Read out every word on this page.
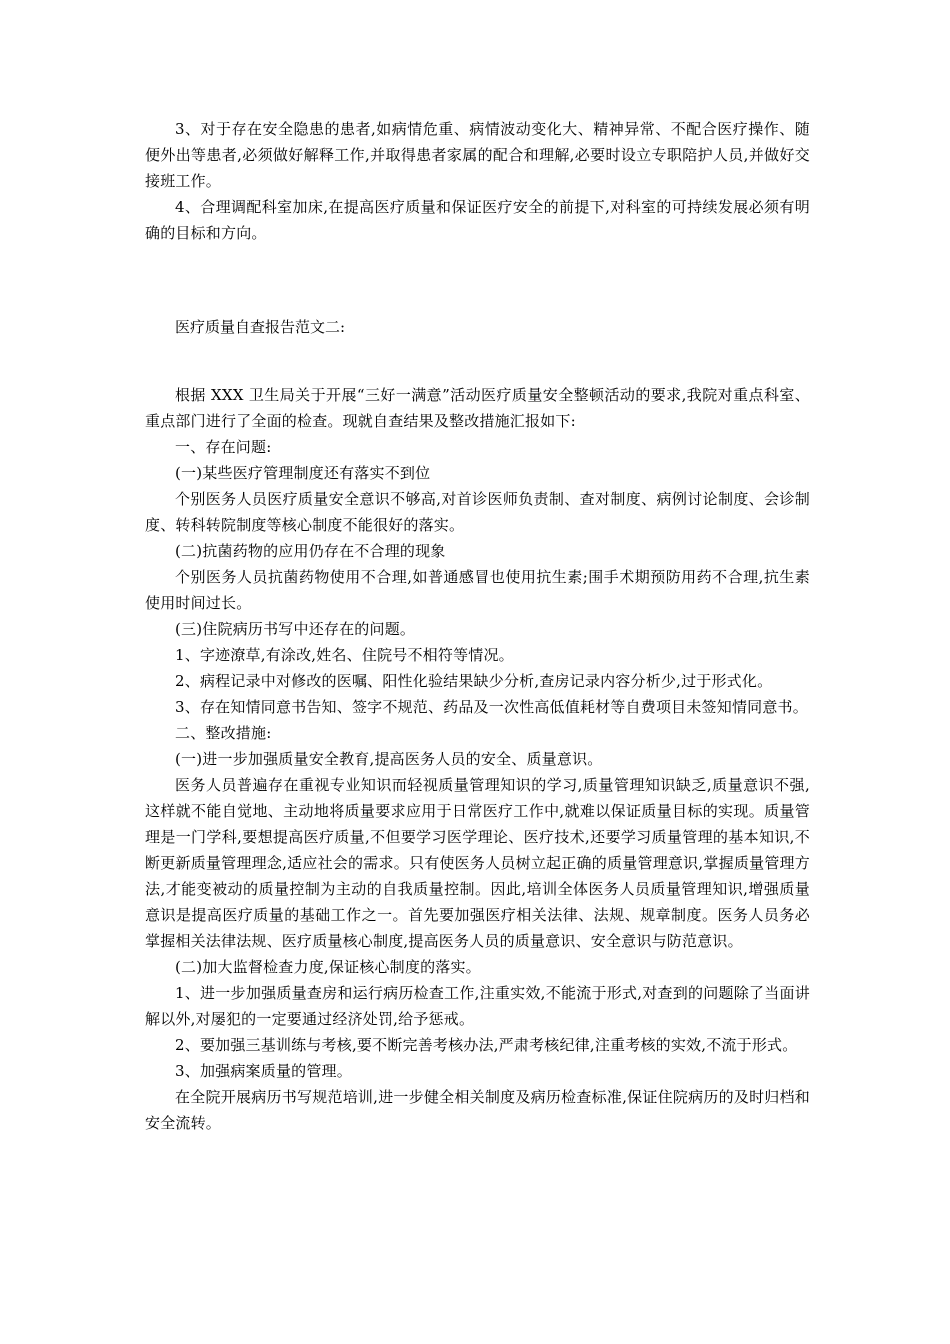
3、对于存在安全隐患的患者,如病情危重、病情波动变化大、精神异常、不配合医疗操作、随便外出等患者,必须做好解释工作,并取得患者家属的配合和理解,必要时设立专职陪护人员,并做好交接班工作。

4、合理调配科室加床,在提高医疗质量和保证医疗安全的前提下,对科室的可持续发展必须有明确的目标和方向。

医疗质量自查报告范文二:

根据 XXX 卫生局关于开展“三好一满意”活动医疗质量安全整顿活动的要求,我院对重点科室、重点部门进行了全面的检查。现就自查结果及整改措施汇报如下:

一、存在问题:

(一)某些医疗管理制度还有落实不到位

个别医务人员医疗质量安全意识不够高,对首诊医师负责制、查对制度、病例讨论制度、会诊制度、转科转院制度等核心制度不能很好的落实。

(二)抗菌药物的应用仍存在不合理的现象

个别医务人员抗菌药物使用不合理,如普通感冒也使用抗生素;围手术期预防用药不合理,抗生素使用时间过长。

(三)住院病历书写中还存在的问题。

1、字迹潦草,有涂改,姓名、住院号不相符等情况。

2、病程记录中对修改的医嘱、阳性化验结果缺少分析,查房记录内容分析少,过于形式化。

3、存在知情同意书告知、签字不规范、药品及一次性高低值耗材等自费项目未签知情同意书。

二、整改措施:

(一)进一步加强质量安全教育,提高医务人员的安全、质量意识。

医务人员普遍存在重视专业知识而轻视质量管理知识的学习,质量管理知识缺乏,质量意识不强,这样就不能自觉地、主动地将质量要求应用于日常医疗工作中,就难以保证质量目标的实现。质量管理是一门学科,要想提高医疗质量,不但要学习医学理论、医疗技术,还要学习质量管理的基本知识,不断更新质量管理理念,适应社会的需求。只有使医务人员树立起正确的质量管理意识,掌握质量管理方法,才能变被动的质量控制为主动的自我质量控制。因此,培训全体医务人员质量管理知识,增强质量意识是提高医疗质量的基础工作之一。首先要加强医疗相关法律、法规、规章制度。医务人员务必掌握相关法律法规、医疗质量核心制度,提高医务人员的质量意识、安全意识与防范意识。

(二)加大监督检查力度,保证核心制度的落实。

1、进一步加强质量查房和运行病历检查工作,注重实效,不能流于形式,对查到的问题除了当面讲解以外,对屡犯的一定要通过经济处罚,给予惩戒。

2、要加强三基训练与考核,要不断完善考核办法,严肃考核纪律,注重考核的实效,不流于形式。

3、加强病案质量的管理。

在全院开展病历书写规范培训,进一步健全相关制度及病历检查标准,保证住院病历的及时归档和安全流转。
